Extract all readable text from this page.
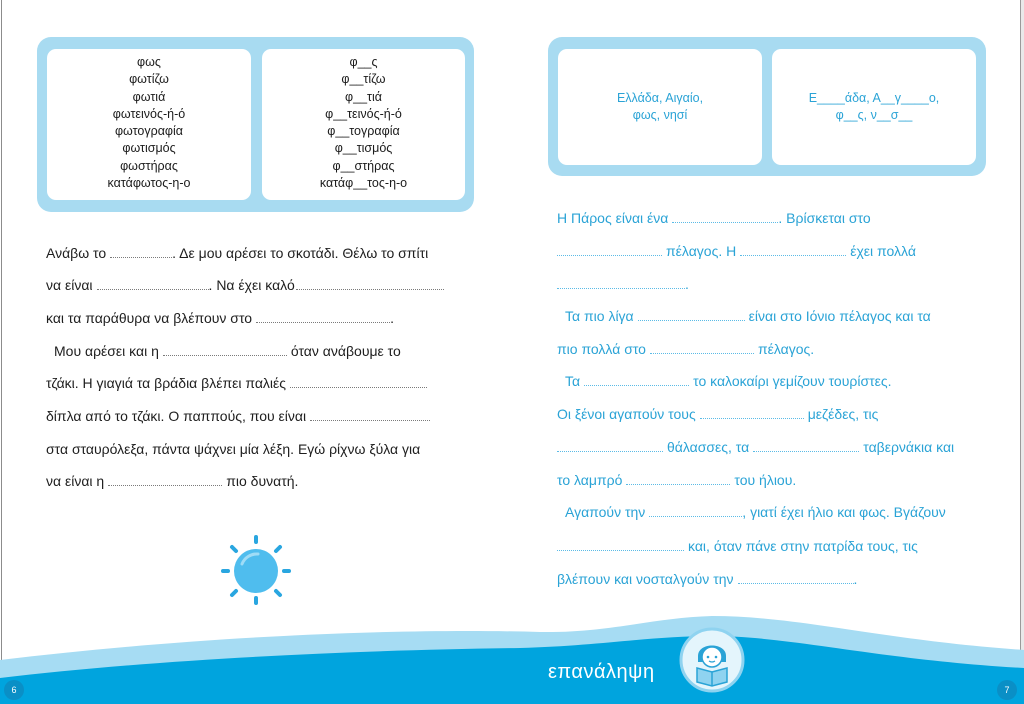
φως
φωτίζω
φωτιά
φωτεινός-ή-ό
φωτογραφία
φωτισμός
φωστήρας
κατάφωτος-η-ο
φ__ς
φ__τίζω
φ__τιά
φ__τεινός-ή-ό
φ__τογραφία
φ__τισμός
φ__στήρας
κατάφ__τος-η-ο
Ανάβω το	. Δε μου αρέσει το σκοτάδι. Θέλω το σπίτι
να είναι	. Να έχει καλό
και τα παράθυρα να βλέπουν στο	.
Μου αρέσει και η	όταν ανάβουμε το
τζάκι. Η γιαγιά τα βράδια βλέπει παλιές
δίπλα από το τζάκι. Ο παππούς, που είναι
στα σταυρόλεξα, πάντα ψάχνει μία λέξη. Εγώ ρίχνω ξύλα για
να είναι η	πιο δυνατή.
Ελλάδα, Αιγαίο,
φως, νησί
Ε____άδα, Α__γ____ο,
φ__ς, ν__σ__
Η Πάρος είναι ένα	. Βρίσκεται στο
πέλαγος. Η	έχει πολλά
.
Τα πιο λίγα	είναι στο Ιόνιο πέλαγος και τα
πιο πολλά στο	πέλαγος.
Τα	το καλοκαίρι γεμίζουν τουρίστες.
Οι ξένοι αγαπούν τους	μεζέδες, τις
θάλασσες, τα	ταβερνάκια και
το λαμπρό	του ήλιου.
Αγαπούν την	, γιατί έχει ήλιο και φως. Βγάζουν
και, όταν πάνε στην πατρίδα τους, τις
βλέπουν και νοσταλγούν την	.
επανάληψη
6	7
